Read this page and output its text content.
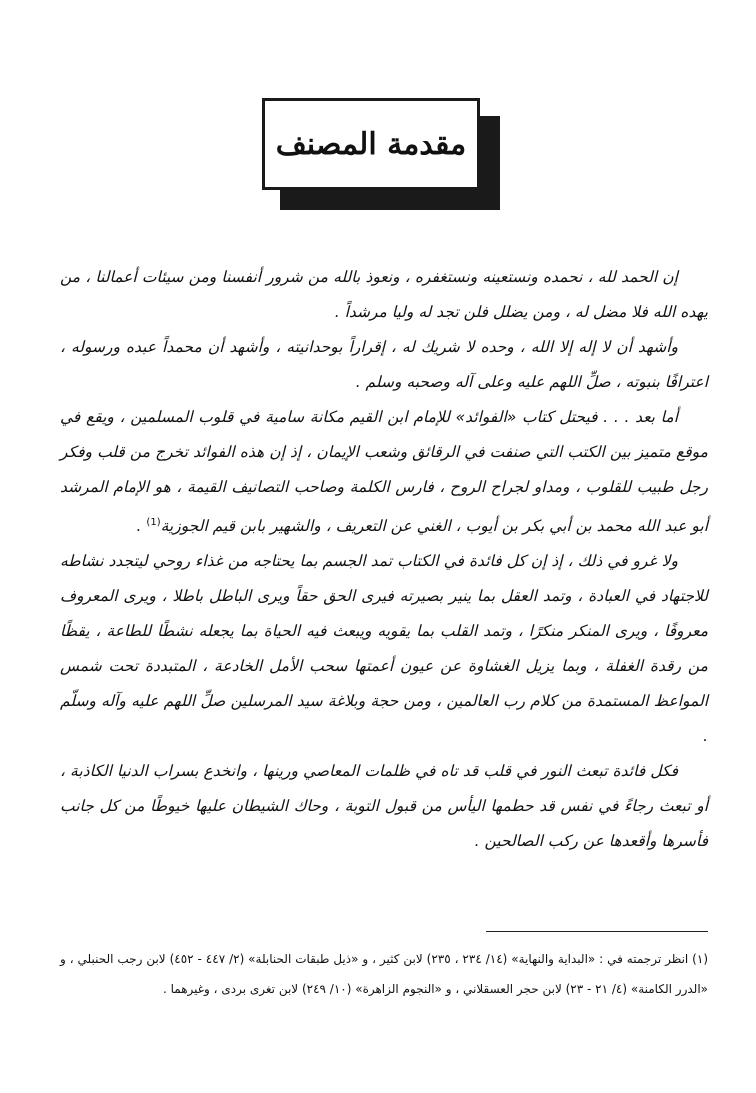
مقدمة المصنف

إن الحمد لله ، نحمده ونستعينه ونستغفره ، ونعوذ بالله من شرور أنفسنا ومن سيئات أعمالنا ، من يهده الله فلا مضل له ، ومن يضلل فلن تجد له وليا مرشداً .

وأشهد أن لا إله إلا الله ، وحده لا شريك له ، إقراراً بوحدانيته ، وأشهد أن محمداً عبده ورسوله ، اعترافًا بنبوته ، صلِّ اللهم عليه وعلى آله وصحبه وسلم .

أما بعد . . . فيحتل كتاب «الفوائد» للإمام ابن القيم مكانة سامية في قلوب المسلمين ، ويقع في موقع متميز بين الكتب التي صنفت في الرقائق وشعب الإيمان ، إذ إن هذه الفوائد تخرج من قلب وفكر رجل طبيب للقلوب ، ومداو لجراح الروح ، فارس الكلمة وصاحب التصانيف القيمة ، هو الإمام المرشد أبو عبد الله محمد بن أبي بكر بن أيوب ، الغني عن التعريف ، والشهير بابن قيم الجوزية$^{(1)}$ .

ولا غرو في ذلك ، إذ إن كل فائدة في الكتاب تمد الجسم بما يحتاجه من غذاء روحي ليتجدد نشاطه للاجتهاد في العبادة ، وتمد العقل بما ينير بصيرته فيرى الحق حقاً ويرى الباطل باطلا ، ويرى المعروف معروفًا ، ويرى المنكر منكرًا ، وتمد القلب بما يقويه ويبعث فيه الحياة بما يجعله نشطًا للطاعة ، يقظًا من رقدة الغفلة ، وبما يزيل الغشاوة عن عيون أعمتها سحب الأمل الخادعة ، المتبددة تحت شمس المواعظ المستمدة من كلام رب العالمين ، ومن حجة وبلاغة سيد المرسلين صلِّ اللهم عليه وآله وسلّم .

فكل فائدة تبعث النور في قلب قد تاه في ظلمات المعاصي ورينها ، وانخدع بسراب الدنيا الكاذبة ، أو تبعث رجاءً في نفس قد حطمها اليأس من قبول التوبة ، وحاك الشيطان عليها خيوطًا من كل جانب فأسرها وأقعدها عن ركب الصالحين .

(١) انظر ترجمته في : «البداية والنهاية» (١٤/ ٢٣٤ ، ٢٣٥) لابن كثير ، و «ذيل طبقات الحنابلة» (٢/ ٤٤٧ - ٤٥٢) لابن رجب الحنبلي ، و «الدرر الكامنة» (٤/ ٢١ - ٢٣) لابن حجر العسقلاني ، و «النجوم الزاهرة» (١٠/ ٢٤٩) لابن تغرى بردى ، وغيرهما .
